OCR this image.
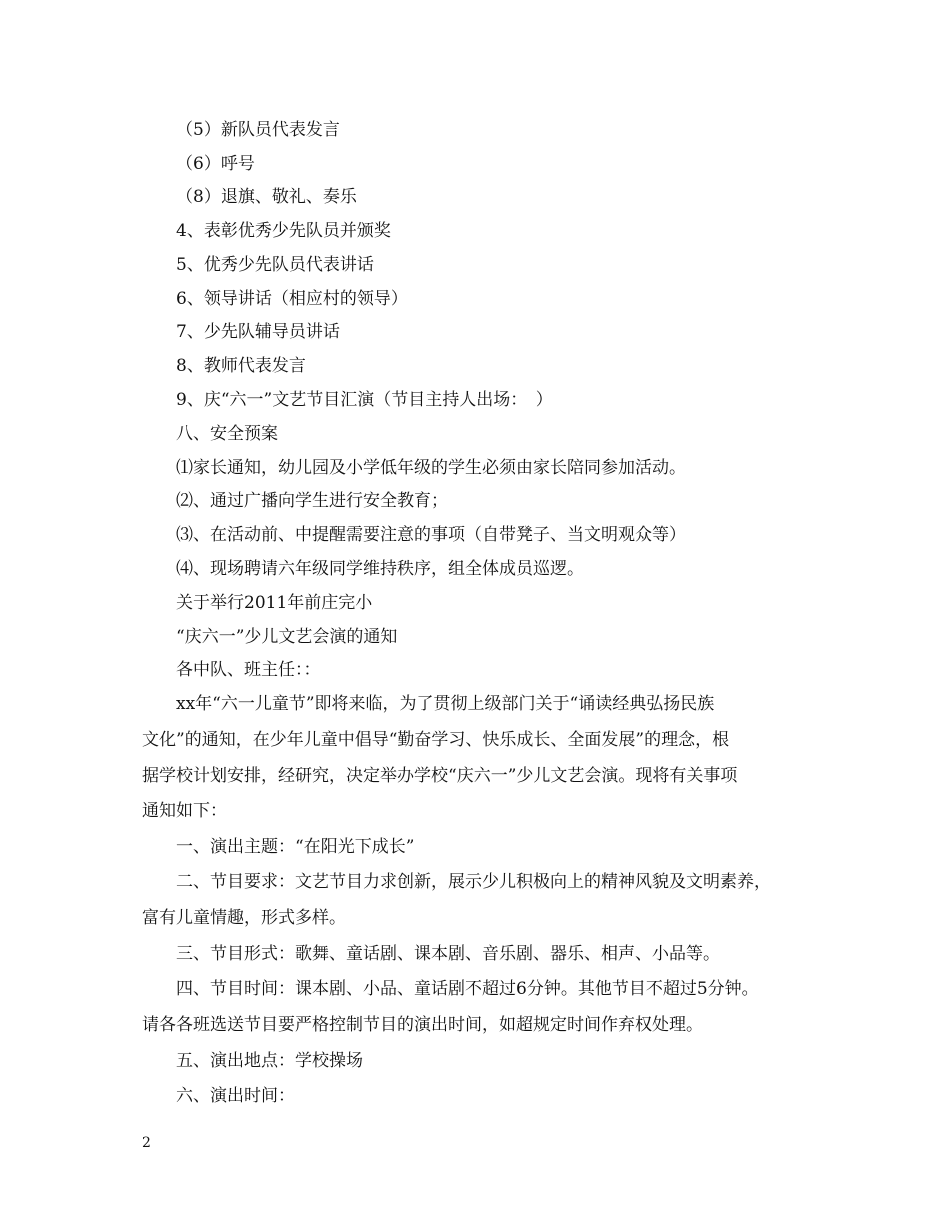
（5）新队员代表发言
（6）呼号
（8）退旗、敬礼、奏乐
4、表彰优秀少先队员并颁奖
5、优秀少先队员代表讲话
6、领导讲话（相应村的领导）
7、少先队辅导员讲话
8、教师代表发言
9、庆“六一”文艺节目汇演（节目主持人出场：　）
八、安全预案
⑴家长通知，幼儿园及小学低年级的学生必须由家长陪同参加活动。
⑵、通过广播向学生进行安全教育；
⑶、在活动前、中提醒需要注意的事项（自带凳子、当文明观众等）
⑷、现场聘请六年级同学维持秩序，组全体成员巡逻。
关于举行2011年前庄完小
“庆六一”少儿文艺会演的通知
各中队、班主任：：
xx年“六一儿童节”即将来临，为了贯彻上级部门关于“诵读经典弘扬民族
文化”的通知，在少年儿童中倡导“勤奋学习、快乐成长、全面发展”的理念，根
据学校计划安排，经研究，决定举办学校“庆六一”少儿文艺会演。现将有关事项
通知如下：
一、演出主题：“在阳光下成长”
二、节目要求：文艺节目力求创新，展示少儿积极向上的精神风貌及文明素养，
富有儿童情趣，形式多样。
三、节目形式：歌舞、童话剧、课本剧、音乐剧、器乐、相声、小品等。
四、节目时间：课本剧、小品、童话剧不超过6分钟。其他节目不超过5分钟。
请各各班选送节目要严格控制节目的演出时间，如超规定时间作弃权处理。
五、演出地点：学校操场
六、演出时间：
2
